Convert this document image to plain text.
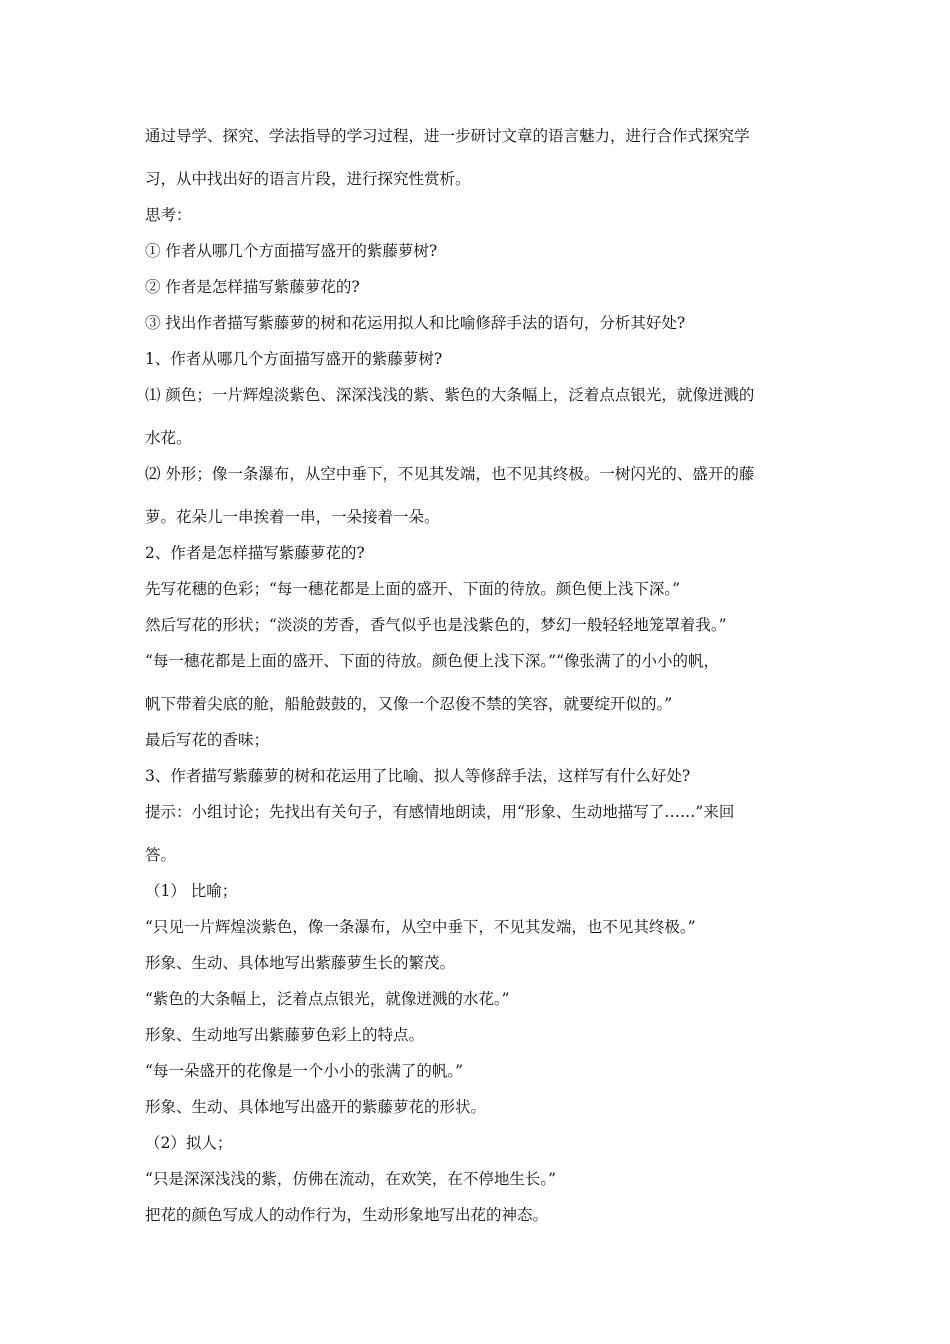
通过导学、探究、学法指导的学习过程，进一步研讨文章的语言魅力，进行合作式探究学
习，从中找出好的语言片段，进行探究性赏析。
思考：
① 作者从哪几个方面描写盛开的紫藤萝树?
② 作者是怎样描写紫藤萝花的?
③ 找出作者描写紫藤萝的树和花运用拟人和比喻修辞手法的语句，分析其好处?
1、作者从哪几个方面描写盛开的紫藤萝树?
⑴ 颜色；一片辉煌淡紫色、深深浅浅的紫、紫色的大条幅上，泛着点点银光，就像迸溅的
水花。
⑵ 外形；像一条瀑布，从空中垂下，不见其发端，也不见其终极。一树闪光的、盛开的藤
萝。花朵儿一串挨着一串，一朵接着一朵。
2、作者是怎样描写紫藤萝花的?
先写花穗的色彩；“每一穗花都是上面的盛开、下面的待放。颜色便上浅下深。”
然后写花的形状；“淡淡的芳香，香气似乎也是浅紫色的，梦幻一般轻轻地笼罩着我。”
“每一穗花都是上面的盛开、下面的待放。颜色便上浅下深。”“像张满了的小小的帆，
帆下带着尖底的舱，船舱鼓鼓的，又像一个忍俊不禁的笑容，就要绽开似的。”
最后写花的香味；
3、作者描写紫藤萝的树和花运用了比喻、拟人等修辞手法，这样写有什么好处?
提示：小组讨论；先找出有关句子，有感情地朗读，用“形象、生动地描写了……”来回
答。
（1） 比喻；
“只见一片辉煌淡紫色，像一条瀑布，从空中垂下，不见其发端，也不见其终极。”
形象、生动、具体地写出紫藤萝生长的繁茂。
“紫色的大条幅上，泛着点点银光，就像迸溅的水花。”
形象、生动地写出紫藤萝色彩上的特点。
“每一朵盛开的花像是一个小小的张满了的帆。”
形象、生动、具体地写出盛开的紫藤萝花的形状。
（2）拟人；
“只是深深浅浅的紫，仿佛在流动，在欢笑，在不停地生长。”
把花的颜色写成人的动作行为，生动形象地写出花的神态。
